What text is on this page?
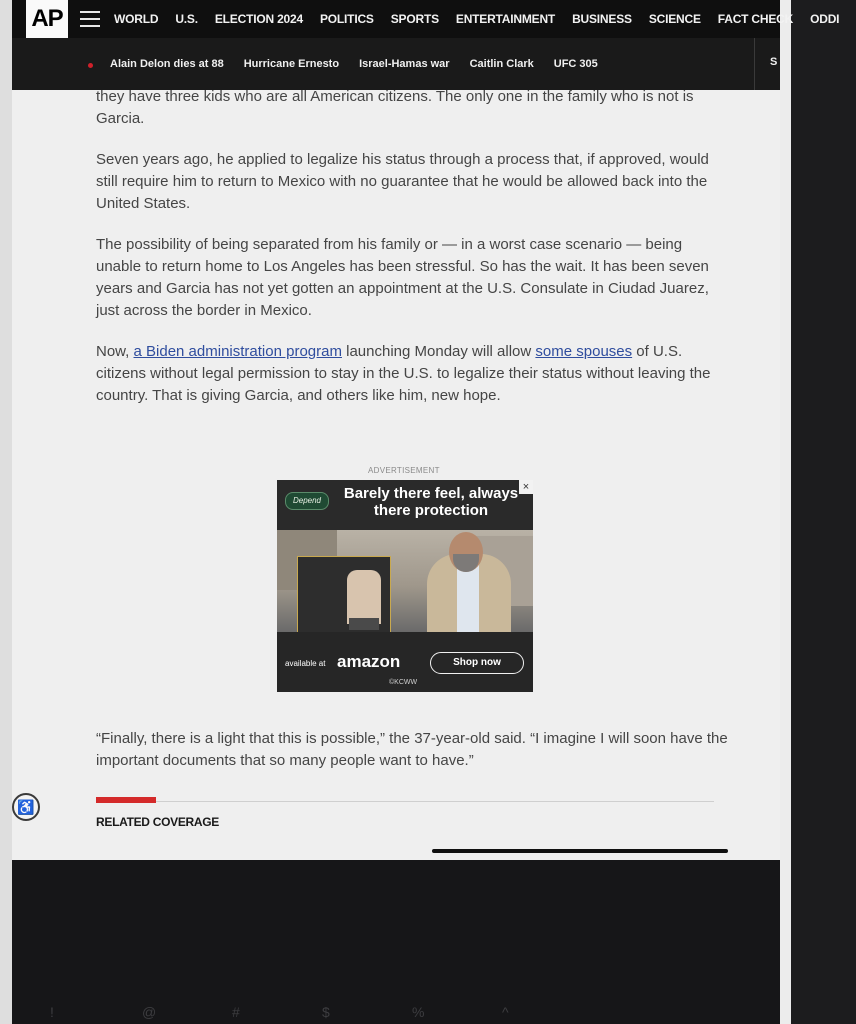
AP	WORLD U.S. ELECTION 2024 POLITICS SPORTS ENTERTAINMENT BUSINESS SCIENCE FACT CHECK ODDI
Alain Delon dies at 88 Hurricane Ernesto Israel-Hamas war Caitlin Clark UFC 305	S

they have three kids who are all American citizens. The only one in the family who is not is Garcia.

Seven years ago, he applied to legalize his status through a process that, if approved, would still require him to return to Mexico with no guarantee that he would be allowed back into the United States.

The possibility of being separated from his family or — in a worst case scenario — being unable to return home to Los Angeles has been stressful. So has the wait. It has been seven years and Garcia has not yet gotten an appointment at the U.S. Consulate in Ciudad Juarez, just across the border in Mexico.

Now, a Biden administration program launching Monday will allow some spouses of U.S. citizens without legal permission to stay in the U.S. to legalize their status without leaving the country. That is giving Garcia, and others like him, new hope.

ADVERTISEMENT
×
Depend	Barely there feel, always there protection
available at amazon	Shop now
©KCWW

“Finally, there is a light that this is possible,” the 37-year-old said. “I imagine I will soon have the important documents that so many people want to have.”

♿
RELATED COVERAGE
!	@	#	$	%	^
